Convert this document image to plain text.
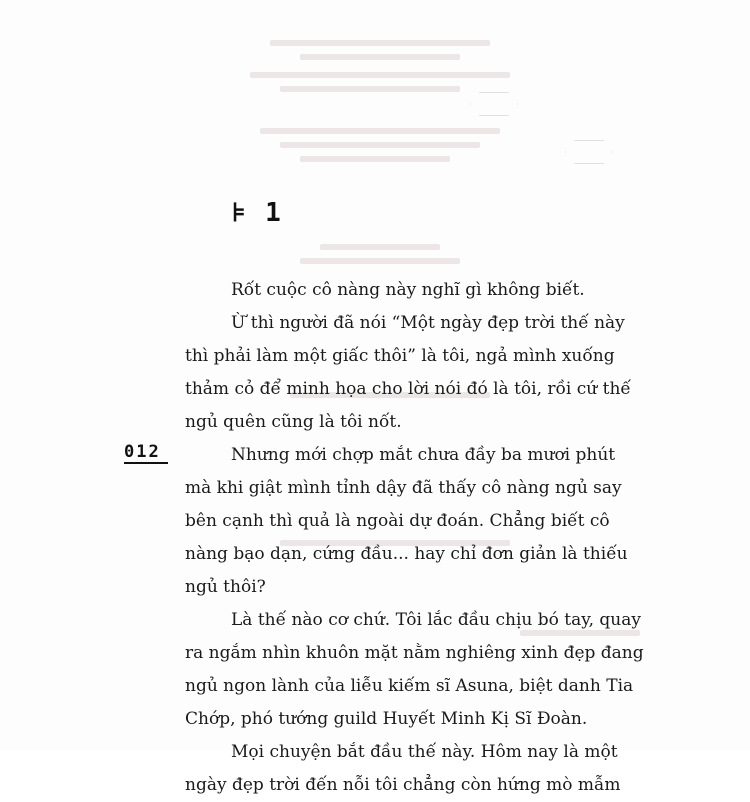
⊧ 1
012
Rốt cuộc cô nàng này nghĩ gì không biết.
Ừ thì người đã nói “Một ngày đẹp trời thế này
thì phải làm một giấc thôi” là tôi, ngả mình xuống
thảm cỏ để minh họa cho lời nói đó là tôi, rồi cứ thế
ngủ quên cũng là tôi nốt.
Nhưng mới chợp mắt chưa đầy ba mươi phút
mà khi giật mình tỉnh dậy đã thấy cô nàng ngủ say
bên cạnh thì quả là ngoài dự đoán. Chẳng biết cô
nàng bạo dạn, cứng đầu... hay chỉ đơn giản là thiếu
ngủ thôi?
Là thế nào cơ chứ. Tôi lắc đầu chịu bó tay, quay
ra ngắm nhìn khuôn mặt nằm nghiêng xinh đẹp đang
ngủ ngon lành của liễu kiếm sĩ Asuna, biệt danh Tia
Chớp, phó tướng guild Huyết Minh Kị Sĩ Đoàn.
Mọi chuyện bắt đầu thế này. Hôm nay là một
ngày đẹp trời đến nỗi tôi chẳng còn hứng mò mẫm
